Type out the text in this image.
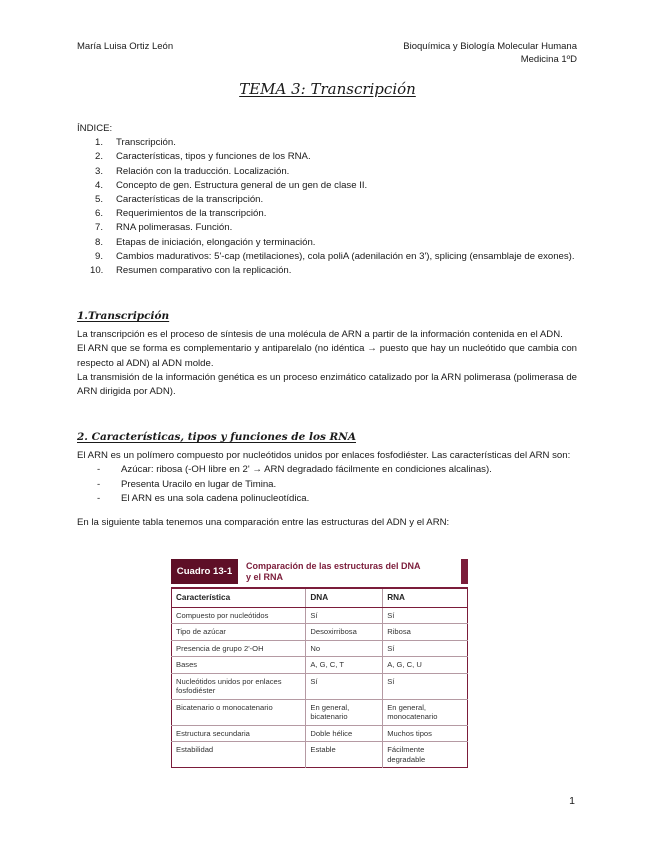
María Luisa Ortiz León	Bioquímica y Biología Molecular Humana
Medicina 1ºD
TEMA 3: Transcripción
ÍNDICE:
1. Transcripción.
2. Características, tipos y funciones de los RNA.
3. Relación con la traducción. Localización.
4. Concepto de gen. Estructura general de un gen de clase II.
5. Características de la transcripción.
6. Requerimientos de la transcripción.
7. RNA polimerasas. Función.
8. Etapas de iniciación, elongación y terminación.
9. Cambios madurativos: 5'-cap (metilaciones), cola poliA (adenilación en 3'), splicing (ensamblaje de exones).
10. Resumen comparativo con la replicación.
1.Transcripción

La transcripción es el proceso de síntesis de una molécula de ARN a partir de la información contenida en el ADN.

El ARN que se forma es complementario y antiparelalo (no idéntica → puesto que hay un nucleótido que cambia con respecto al ADN) al ADN molde.

La transmisión de la información genética es un proceso enzimático catalizado por la ARN polimerasa (polimerasa de ARN dirigida por ADN).

2. Características, tipos y funciones de los RNA

El ARN es un polímero compuesto por nucleótidos unidos por enlaces fosfodiéster. Las características del ARN son:

- Azúcar: ribosa (-OH libre en 2' → ARN degradado fácilmente en condiciones alcalinas).
- Presenta Uracilo en lugar de Timina.
- El ARN es una sola cadena polinucleotídica.

En la siguiente tabla tenemos una comparación entre las estructuras del ADN y el ARN:

Comparación de las estructuras del DNA
y el RNA
Cuadro 13-1
Característica	DNA	RNA
Compuesto por nucleótidos	Sí	Sí
Tipo de azúcar	Desoxirribosa	Ribosa
Presencia de grupo 2'-OH	No	Sí
Bases	A, G, C, T	A, G, C, U
Nucleótidos unidos por enlaces fosfodiéster	Sí	Sí
Bicatenario o monocatenario	En general, bicatenario	En general, monocatenario
Estructura secundaria	Doble hélice	Muchos tipos
Estabilidad	Estable	Fácilmente degradable
1
